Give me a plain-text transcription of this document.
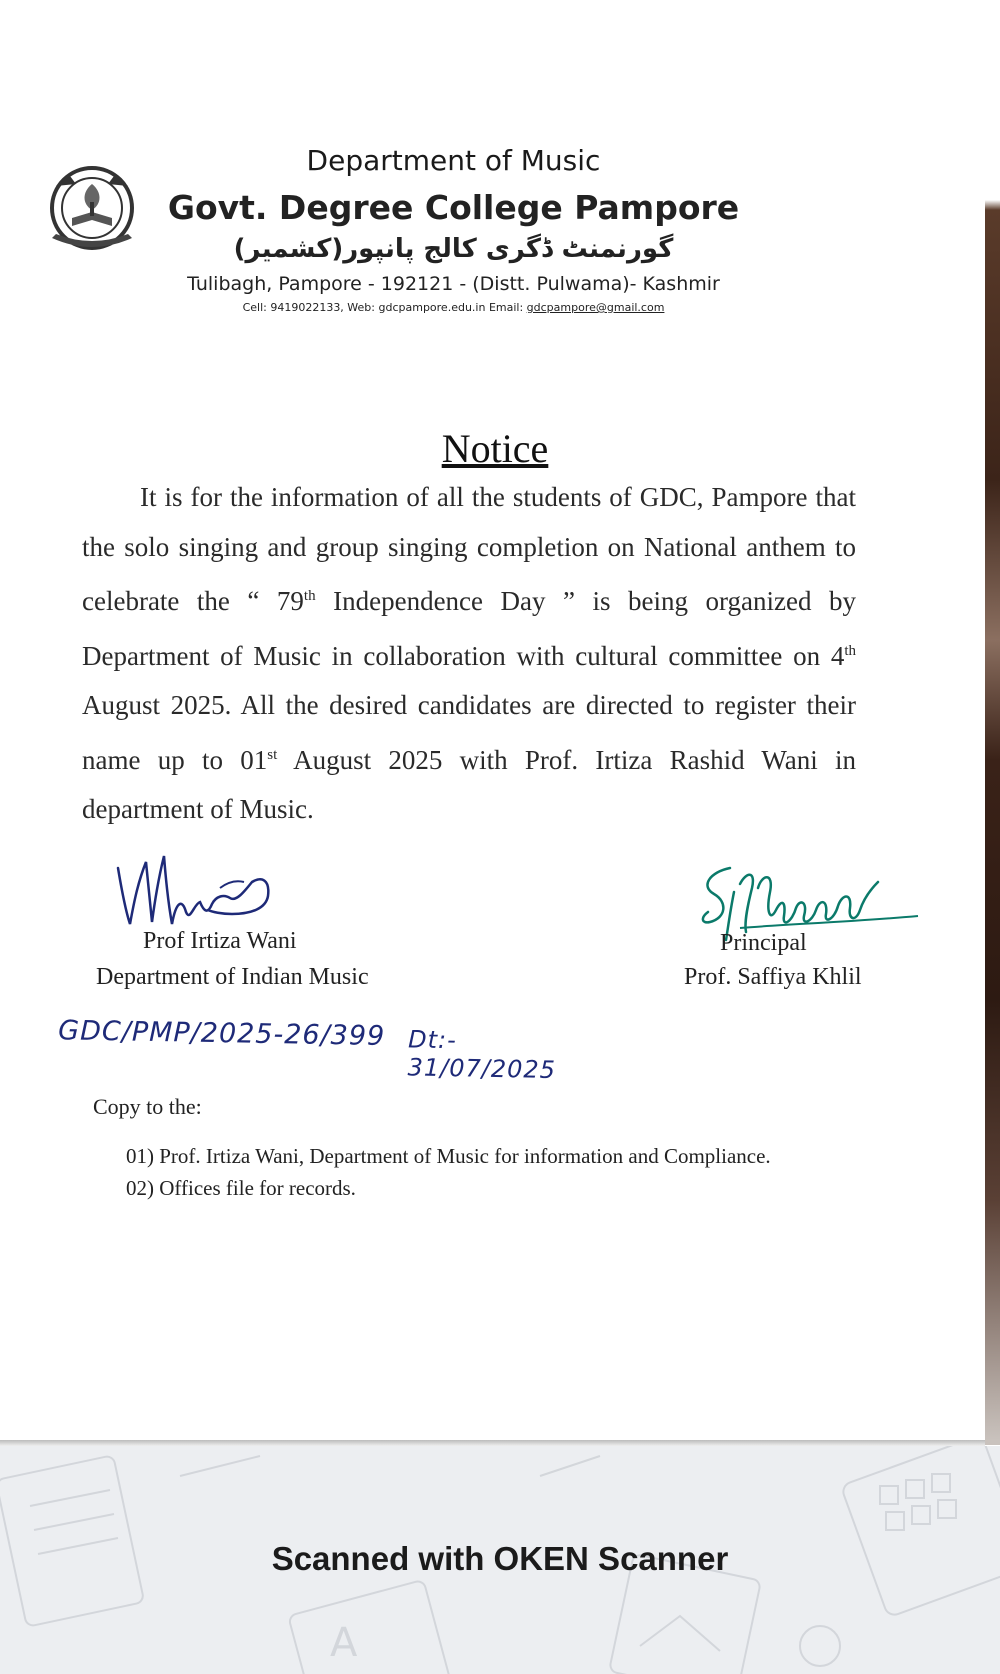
Department of Music
Govt. Degree College Pampore
گورنمنٹ ڈگری کالج پانپور(کشمیر)
Tulibagh, Pampore - 192121 - (Distt. Pulwama)- Kashmir
Cell: 9419022133, Web: gdcpampore.edu.in Email: gdcpampore@gmail.com
Notice

It is for the information of all the students of GDC, Pampore that the solo singing and group singing completion on National anthem to celebrate the “ 79th Independence Day ” is being organized by Department of Music in collaboration with cultural committee on 4th August 2025. All the desired candidates are directed to register their name up to 01st August 2025 with Prof. Irtiza Rashid Wani in department of Music.

Prof Irtiza Wani
Department of Indian Music
Principal
Prof. Saffiya Khlil
GDC/PMP/2025-26/399 Dt:- 31/07/2025
Copy to the:
01) Prof. Irtiza Wani, Department of Music for information and Compliance.
02) Offices file for records.
A
Scanned with OKEN Scanner
